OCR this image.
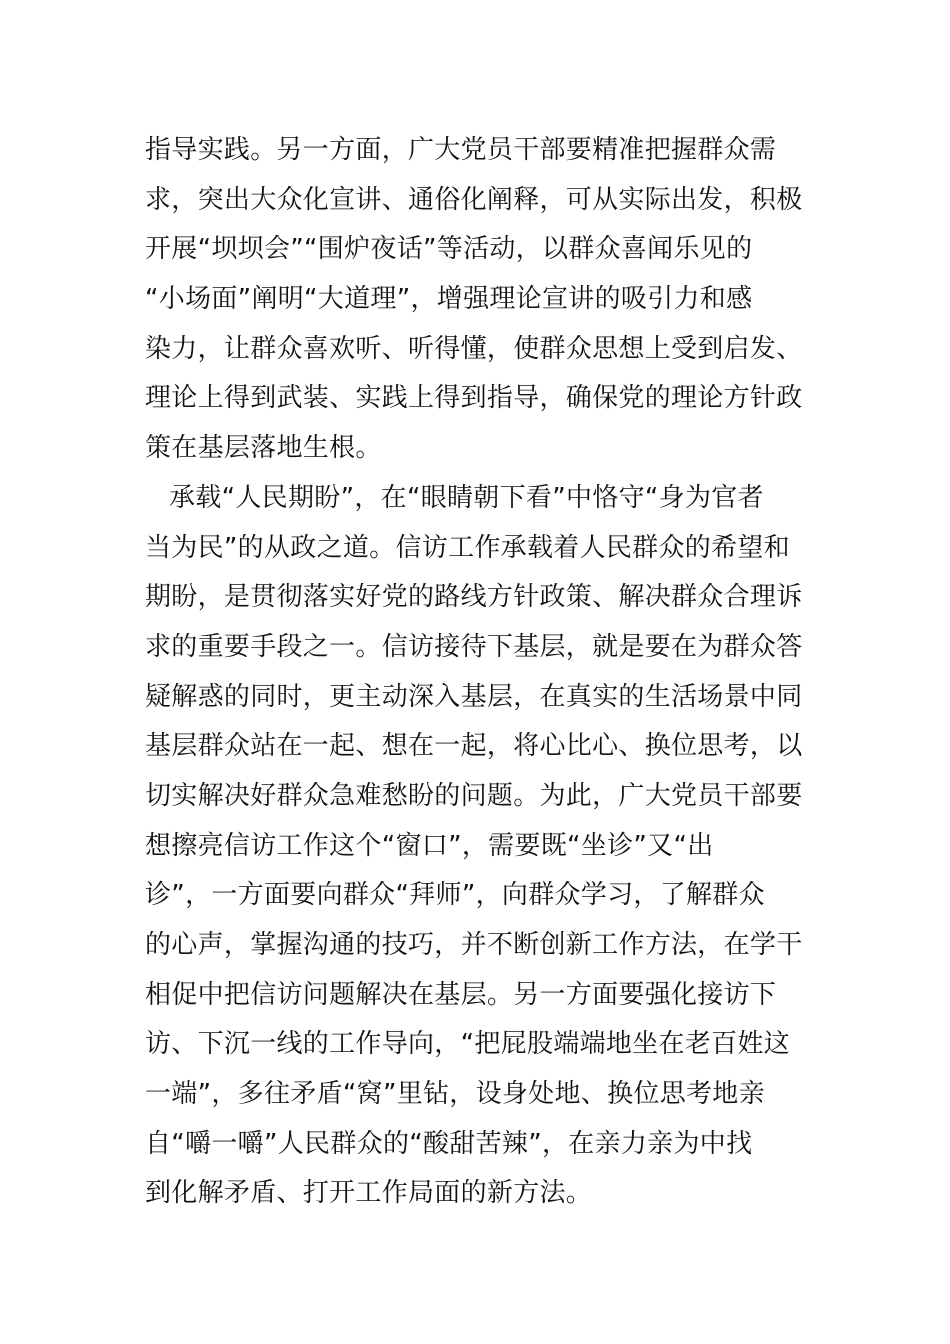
指导实践。另一方面，广大党员干部要精准把握群众需
求，突出大众化宣讲、通俗化阐释，可从实际出发，积极
开展“坝坝会”“围炉夜话”等活动，以群众喜闻乐见的
“小场面”阐明“大道理”，增强理论宣讲的吸引力和感
染力，让群众喜欢听、听得懂，使群众思想上受到启发、
理论上得到武装、实践上得到指导，确保党的理论方针政
策在基层落地生根。
承载“人民期盼”，在“眼睛朝下看”中恪守“身为官者
当为民”的从政之道。信访工作承载着人民群众的希望和
期盼，是贯彻落实好党的路线方针政策、解决群众合理诉
求的重要手段之一。信访接待下基层，就是要在为群众答
疑解惑的同时，更主动深入基层，在真实的生活场景中同
基层群众站在一起、想在一起，将心比心、换位思考，以
切实解决好群众急难愁盼的问题。为此，广大党员干部要
想擦亮信访工作这个“窗口”，需要既“坐诊”又“出
诊”，一方面要向群众“拜师”，向群众学习，了解群众
的心声，掌握沟通的技巧，并不断创新工作方法，在学干
相促中把信访问题解决在基层。另一方面要强化接访下
访、下沉一线的工作导向，“把屁股端端地坐在老百姓这
一端”，多往矛盾“窝”里钻，设身处地、换位思考地亲
自“嚼一嚼”人民群众的“酸甜苦辣”，在亲力亲为中找
到化解矛盾、打开工作局面的新方法。
